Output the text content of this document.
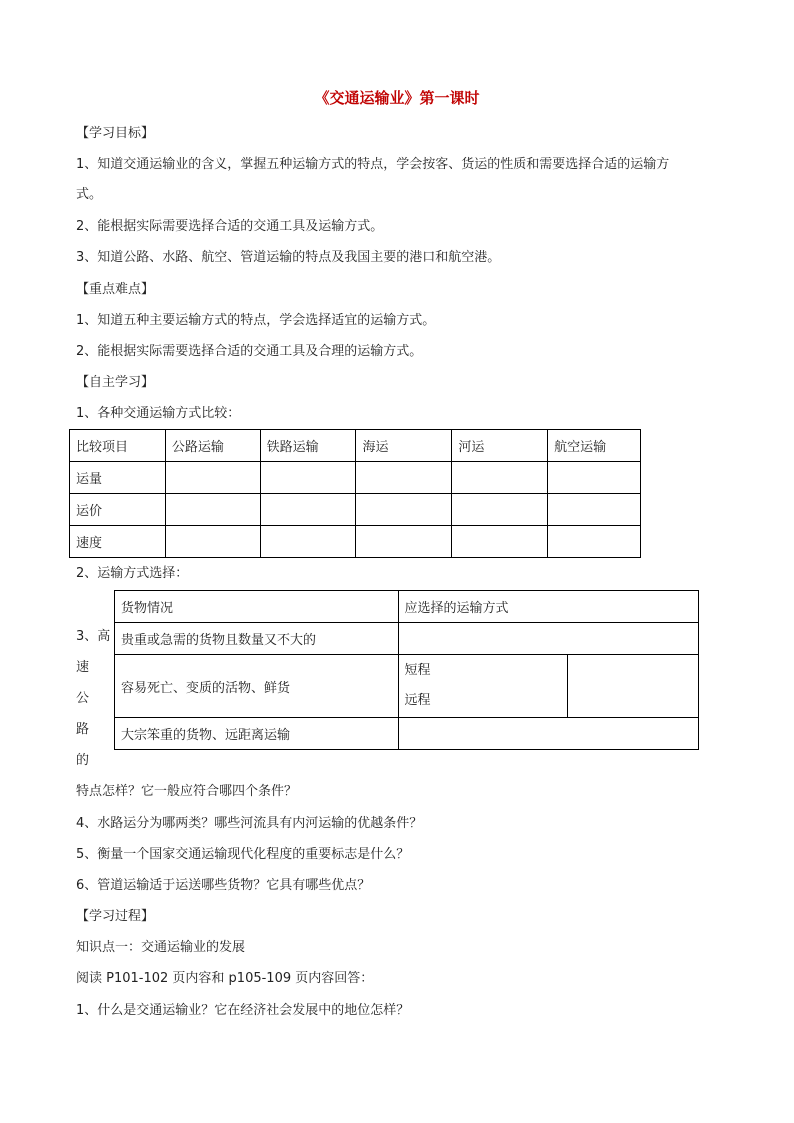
《交通运输业》第一课时
【学习目标】
1、知道交通运输业的含义，掌握五种运输方式的特点，学会按客、货运的性质和需要选择合适的运输方
式。
2、能根据实际需要选择合适的交通工具及运输方式。
3、知道公路、水路、航空、管道运输的特点及我国主要的港口和航空港。
【重点难点】
1、知道五种主要运输方式的特点，学会选择适宜的运输方式。
2、能根据实际需要选择合适的交通工具及合理的运输方式。
【自主学习】
1、各种交通运输方式比较：
比较项目	公路运输	铁路运输	海运	河运	航空运输
运量					
运价					
速度					
2、运输方式选择：
货物情况	应选择的运输方式	
贵重或急需的货物且数量又不大的		
容易死亡、变质的活物、鲜货	短程
远程	

大宗笨重的货物、远距离运输		
3、高
速
公
路
的
特点怎样？它一般应符合哪四个条件？
4、水路运分为哪两类？哪些河流具有内河运输的优越条件？
5、衡量一个国家交通运输现代化程度的重要标志是什么？
6、管道运输适于运送哪些货物？它具有哪些优点？
【学习过程】
知识点一：交通运输业的发展
阅读 P101-102 页内容和 p105-109 页内容回答：
1、什么是交通运输业？它在经济社会发展中的地位怎样？
